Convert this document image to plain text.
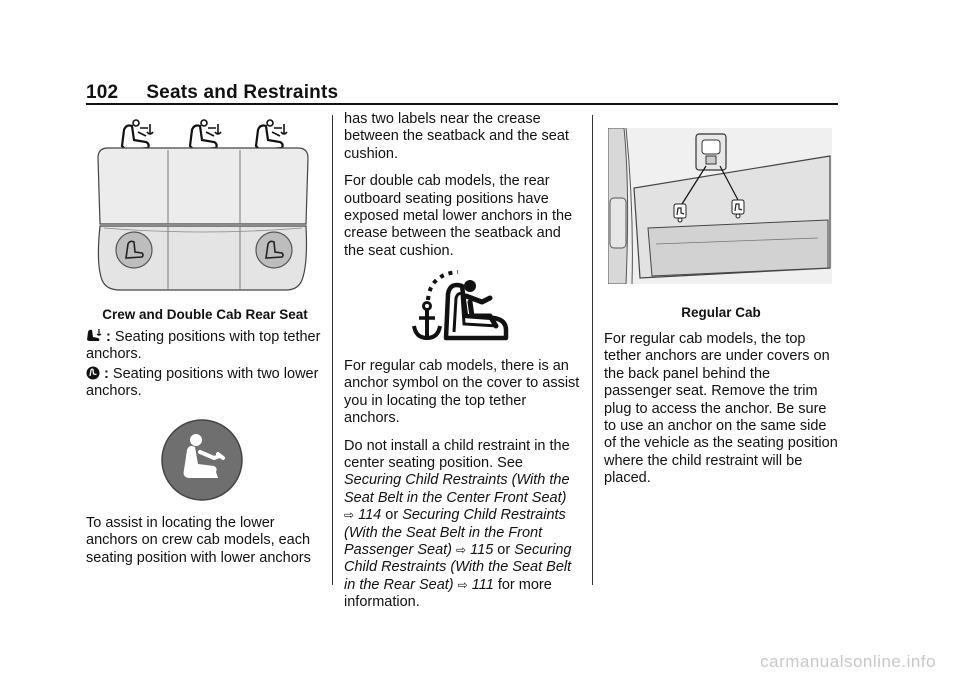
102 Seats and Restraints
Crew and Double Cab Rear Seat
: Seating positions with top tether anchors.
: Seating positions with two lower anchors.
To assist in locating the lower anchors on crew cab models, each seating position with lower anchors

has two labels near the crease between the seatback and the seat cushion.

For double cab models, the rear outboard seating positions have exposed metal lower anchors in the crease between the seatback and the seat cushion.

For regular cab models, there is an anchor symbol on the cover to assist you in locating the top tether anchors.

Do not install a child restraint in the center seating position. See Securing Child Restraints (With the Seat Belt in the Center Front Seat) ⇨ 114 or Securing Child Restraints (With the Seat Belt in the Front Passenger Seat) ⇨ 115 or Securing Child Restraints (With the Seat Belt in the Rear Seat) ⇨ 111 for more information.

Regular Cab
For regular cab models, the top tether anchors are under covers on the back panel behind the passenger seat. Remove the trim plug to access the anchor. Be sure to use an anchor on the same side of the vehicle as the seating position where the child restraint will be placed.
carmanualsonline.info
